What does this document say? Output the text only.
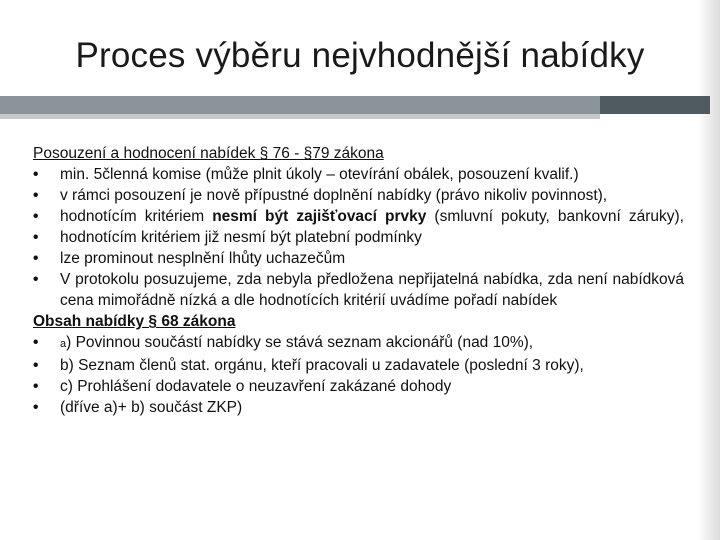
Proces výběru nejvhodnější nabídky

Posouzení a hodnocení nabídek § 76 - §79 zákona

•	min. 5členná komise (může plnit úkoly – otevírání obálek, posouzení kvalif.)
•	v rámci posouzení je nově přípustné doplnění nabídky (právo nikoliv povinnost),
•	hodnotícím kritériem nesmí být zajišťovací prvky (smluvní pokuty, bankovní záruky),
•	hodnotícím kritériem již nesmí být platební podmínky
•	lze prominout nesplnění lhůty uchazečům
•	V protokolu posuzujeme, zda nebyla předložena nepřijatelná nabídka, zda není nabídková cena mimořádně nízká a dle hodnotících kritérií uvádíme pořadí nabídek

Obsah nabídky § 68 zákona

•	a) Povinnou součástí nabídky se stává seznam akcionářů (nad 10%),
•	b) Seznam členů stat. orgánu, kteří pracovali u zadavatele (poslední 3 roky),
•	c) Prohlášení dodavatele o neuzavření zakázané dohody
•	(dříve a)+ b) součást ZKP)
